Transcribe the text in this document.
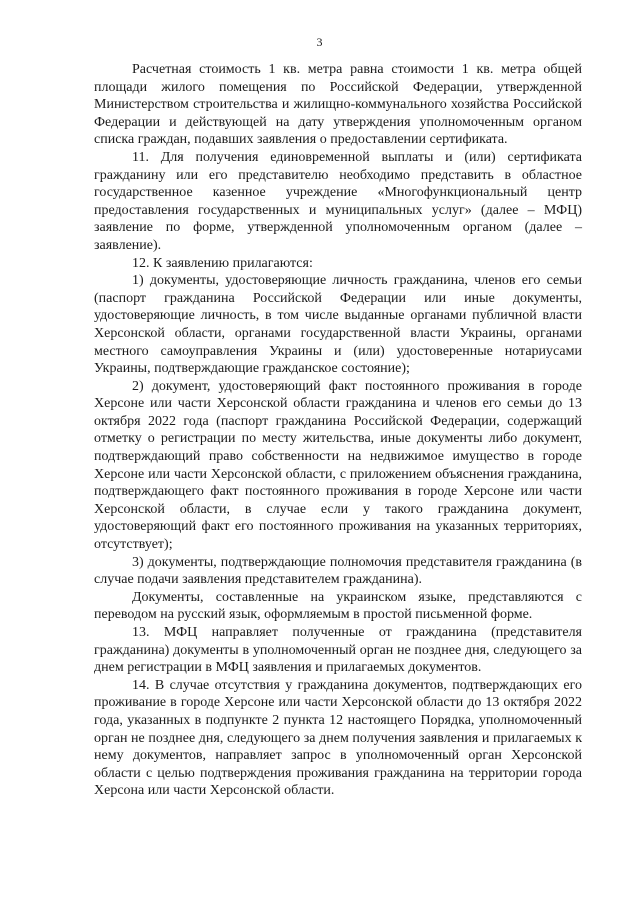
3

Расчетная стоимость 1 кв. метра равна стоимости 1 кв. метра общей площади жилого помещения по Российской Федерации, утвержденной Министерством строительства и жилищно-коммунального хозяйства Российской Федерации и действующей на дату утверждения уполномоченным органом списка граждан, подавших заявления о предоставлении сертификата.

11. Для получения единовременной выплаты и (или) сертификата гражданину или его представителю необходимо представить в областное государственное казенное учреждение «Многофункциональный центр предоставления государственных и муниципальных услуг» (далее – МФЦ) заявление по форме, утвержденной уполномоченным органом (далее – заявление).

12. К заявлению прилагаются:

1) документы, удостоверяющие личность гражданина, членов его семьи (паспорт гражданина Российской Федерации или иные документы, удостоверяющие личность, в том числе выданные органами публичной власти Херсонской области, органами государственной власти Украины, органами местного самоуправления Украины и (или) удостоверенные нотариусами Украины, подтверждающие гражданское состояние);

2) документ, удостоверяющий факт постоянного проживания в городе Херсоне или части Херсонской области гражданина и членов его семьи до 13 октября 2022 года (паспорт гражданина Российской Федерации, содержащий отметку о регистрации по месту жительства, иные документы либо документ, подтверждающий право собственности на недвижимое имущество в городе Херсоне или части Херсонской области, с приложением объяснения гражданина, подтверждающего факт постоянного проживания в городе Херсоне или части Херсонской области, в случае если у такого гражданина документ, удостоверяющий факт его постоянного проживания на указанных территориях, отсутствует);

3) документы, подтверждающие полномочия представителя гражданина (в случае подачи заявления представителем гражданина).

Документы, составленные на украинском языке, представляются с переводом на русский язык, оформляемым в простой письменной форме.

13. МФЦ направляет полученные от гражданина (представителя гражданина) документы в уполномоченный орган не позднее дня, следующего за днем регистрации в МФЦ заявления и прилагаемых документов.

14. В случае отсутствия у гражданина документов, подтверждающих его проживание в городе Херсоне или части Херсонской области до 13 октября 2022 года, указанных в подпункте 2 пункта 12 настоящего Порядка, уполномоченный орган не позднее дня, следующего за днем получения заявления и прилагаемых к нему документов, направляет запрос в уполномоченный орган Херсонской области с целью подтверждения проживания гражданина на территории города Херсона или части Херсонской области.
